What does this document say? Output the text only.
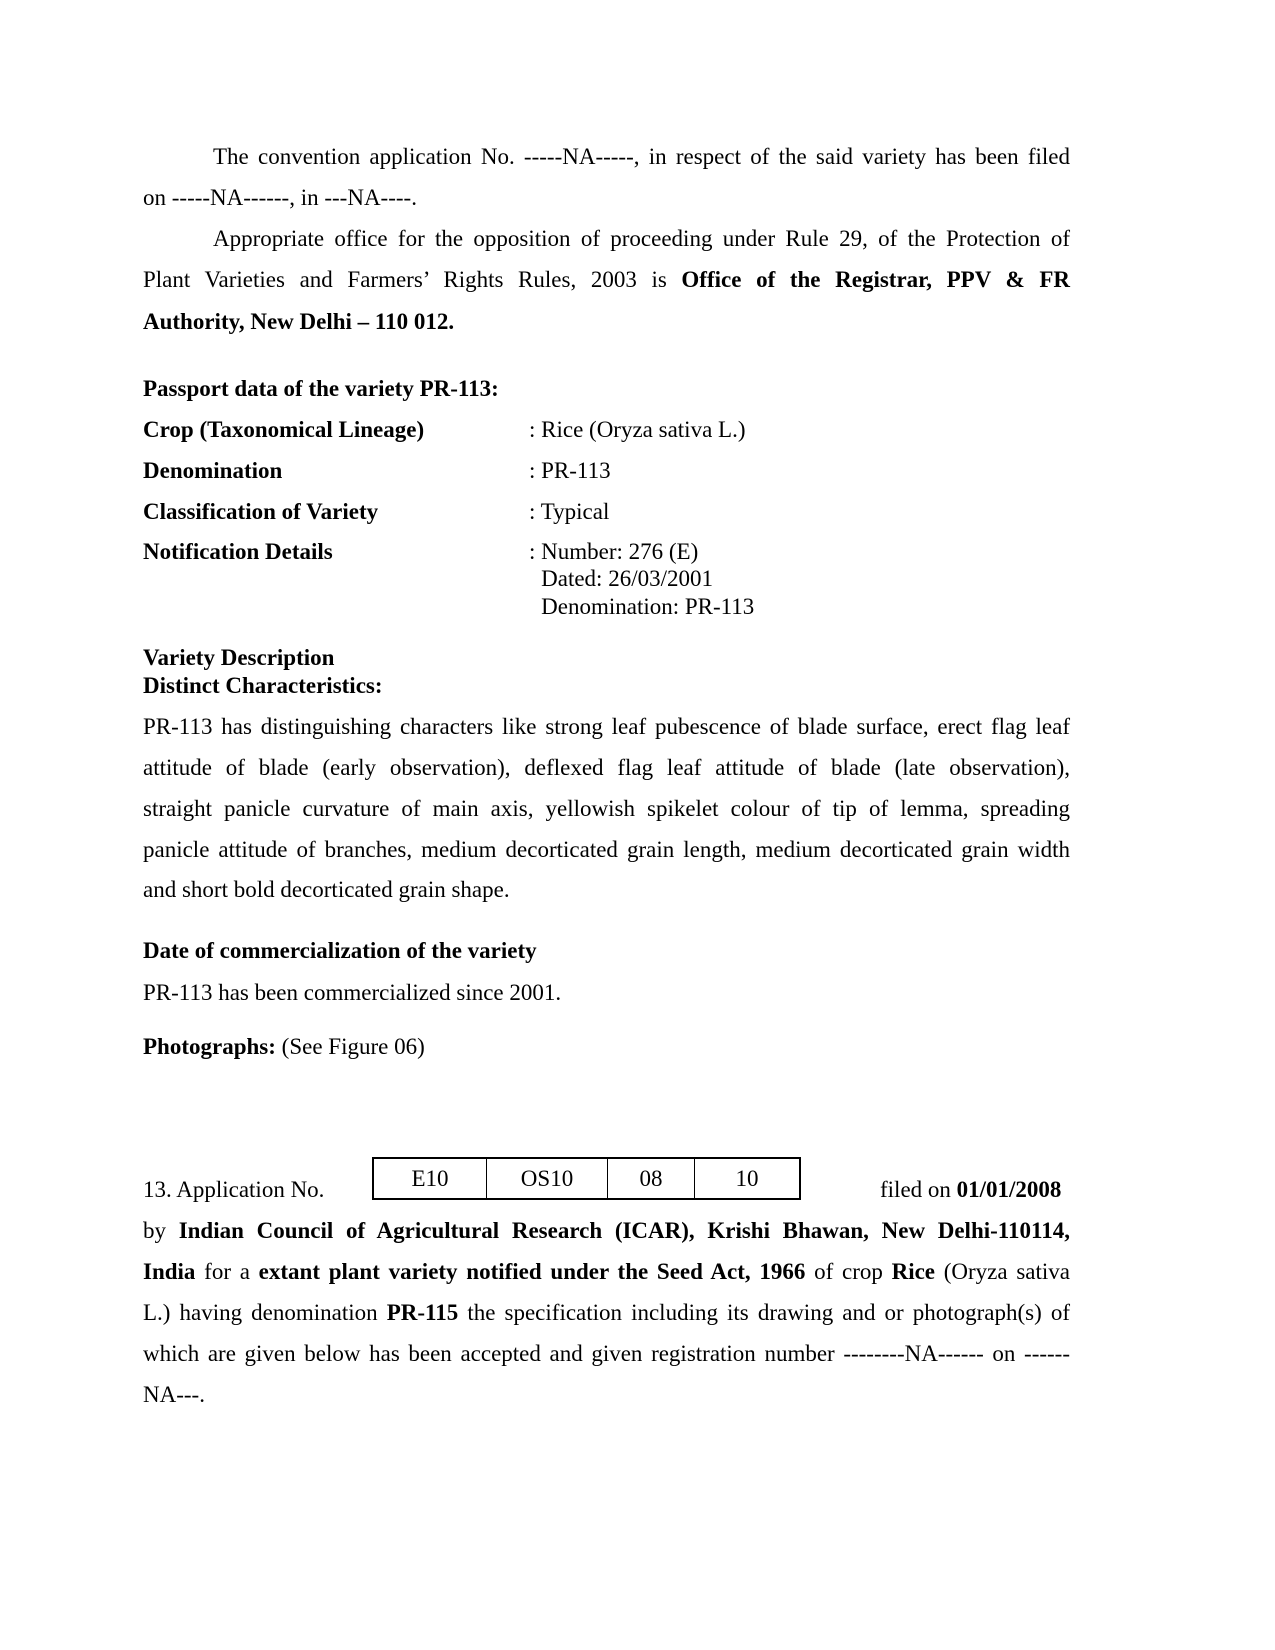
The convention application No. -----NA-----, in respect of the said variety has been filed
on -----NA------, in ---NA----.
Appropriate office for the opposition of proceeding under Rule 29, of the Protection of
Plant Varieties and Farmers’ Rights Rules, 2003 is Office of the Registrar, PPV & FR
Authority, New Delhi – 110 012.
Passport data of the variety PR-113:
Crop (Taxonomical Lineage)	: Rice (Oryza sativa L.)
Denomination	: PR-113
Classification of Variety	: Typical
Notification Details	: Number: 276 (E)
Dated: 26/03/2001
Denomination: PR-113
Variety Description
Distinct Characteristics:
PR-113 has distinguishing characters like strong leaf pubescence of blade surface, erect flag leaf
attitude of blade (early observation), deflexed flag leaf attitude of blade (late observation),
straight panicle curvature of main axis, yellowish spikelet colour of tip of lemma, spreading
panicle attitude of branches, medium decorticated grain length, medium decorticated grain width
and short bold decorticated grain shape.
Date of commercialization of the variety
PR-113 has been commercialized since 2001.
Photographs: (See Figure 06)
13. Application No.	E10	OS10	08	10	filed on 01/01/2008
by Indian Council of Agricultural Research (ICAR), Krishi Bhawan, New Delhi-110114,
India for a extant plant variety notified under the Seed Act, 1966 of crop Rice (Oryza sativa
L.) having denomination PR-115 the specification including its drawing and or photograph(s) of
which are given below has been accepted and given registration number --------NA------ on ------
NA---.
